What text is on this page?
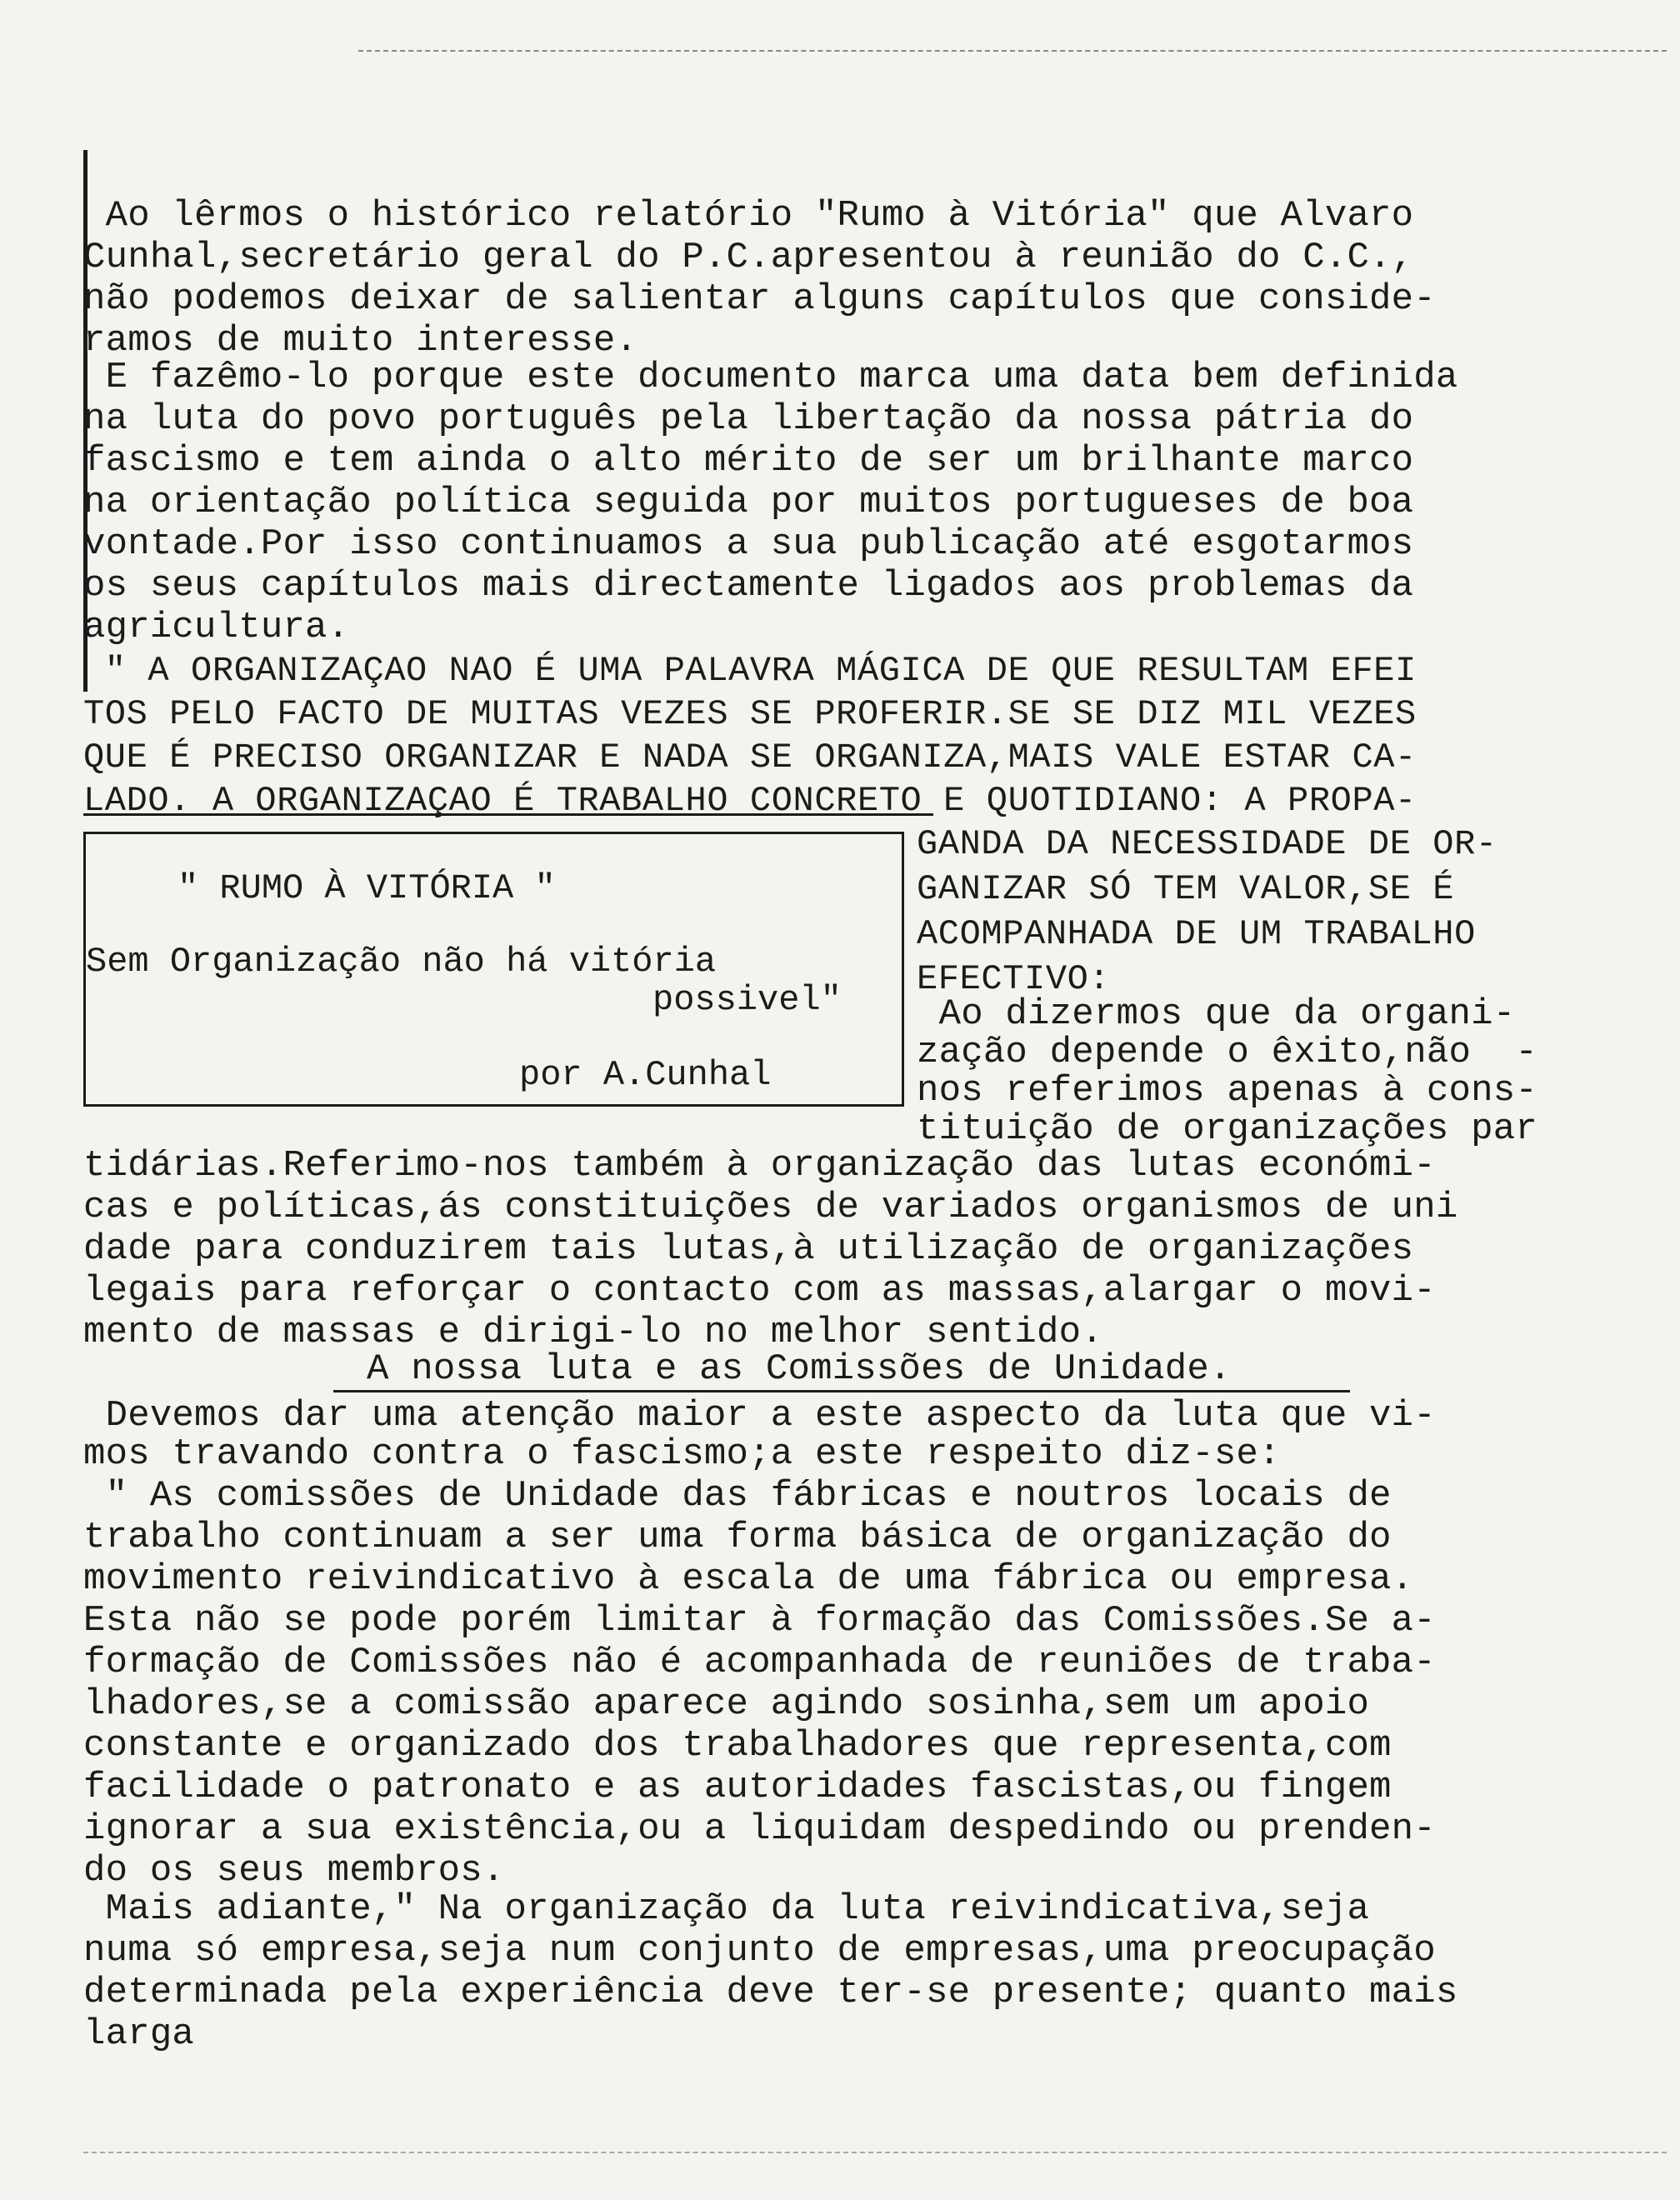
Ao lêrmos o histórico relatório "Rumo à Vitória" que Alvaro
Cunhal,secretário geral do P.C.apresentou à reunião do C.C.,
não podemos deixar de salientar alguns capítulos que conside-
ramos de muito interesse.
E fazêmo-lo porque este documento marca uma data bem definida
na luta do povo português pela libertação da nossa pátria do
fascismo e tem ainda o alto mérito de ser um brilhante marco
na orientação política seguida por muitos portugueses de boa
vontade.Por isso continuamos a sua publicação até esgotarmos
os seus capítulos mais directamente ligados aos problemas da
agricultura.
" A ORGANIZAÇAO NAO É UMA PALAVRA MÁGICA DE QUE RESULTAM EFEI
TOS PELO FACTO DE MUITAS VEZES SE PROFERIR.SE SE DIZ MIL VEZES
QUE É PRECISO ORGANIZAR E NADA SE ORGANIZA,MAIS VALE ESTAR CA-
LADO. A ORGANIZAÇAO É TRABALHO CONCRETO E QUOTIDIANO: A PROPA-
" RUMO À VITÓRIA "
Sem Organização não há vitória
possivel"
por A.Cunhal
GANDA DA NECESSIDADE DE OR-
GANIZAR SÓ TEM VALOR,SE É
ACOMPANHADA DE UM TRABALHO
EFECTIVO:
Ao dizermos que da organi-
zação depende o êxito,não  -
nos referimos apenas à cons-
tituição de organizações par
tidárias.Referimo-nos também à organização das lutas económi-
cas e políticas,ás constituições de variados organismos de uni
dade para conduzirem tais lutas,à utilização de organizações
legais para reforçar o contacto com as massas,alargar o movi-
mento de massas e dirigi-lo no melhor sentido.
A nossa luta e as Comissões de Unidade.
Devemos dar uma atenção maior a este aspecto da luta que vi-
mos travando contra o fascismo;a este respeito diz-se:
" As comissões de Unidade das fábricas e noutros locais de
trabalho continuam a ser uma forma básica de organização do
movimento reivindicativo à escala de uma fábrica ou empresa.
Esta não se pode porém limitar à formação das Comissões.Se a-
formação de Comissões não é acompanhada de reuniões de traba-
lhadores,se a comissão aparece agindo sosinha,sem um apoio
constante e organizado dos trabalhadores que representa,com
facilidade o patronato e as autoridades fascistas,ou fingem
ignorar a sua existência,ou a liquidam despedindo ou prenden-
do os seus membros.
Mais adiante," Na organização da luta reivindicativa,seja
numa só empresa,seja num conjunto de empresas,uma preocupação
determinada pela experiência deve ter-se presente; quanto mais
larga
